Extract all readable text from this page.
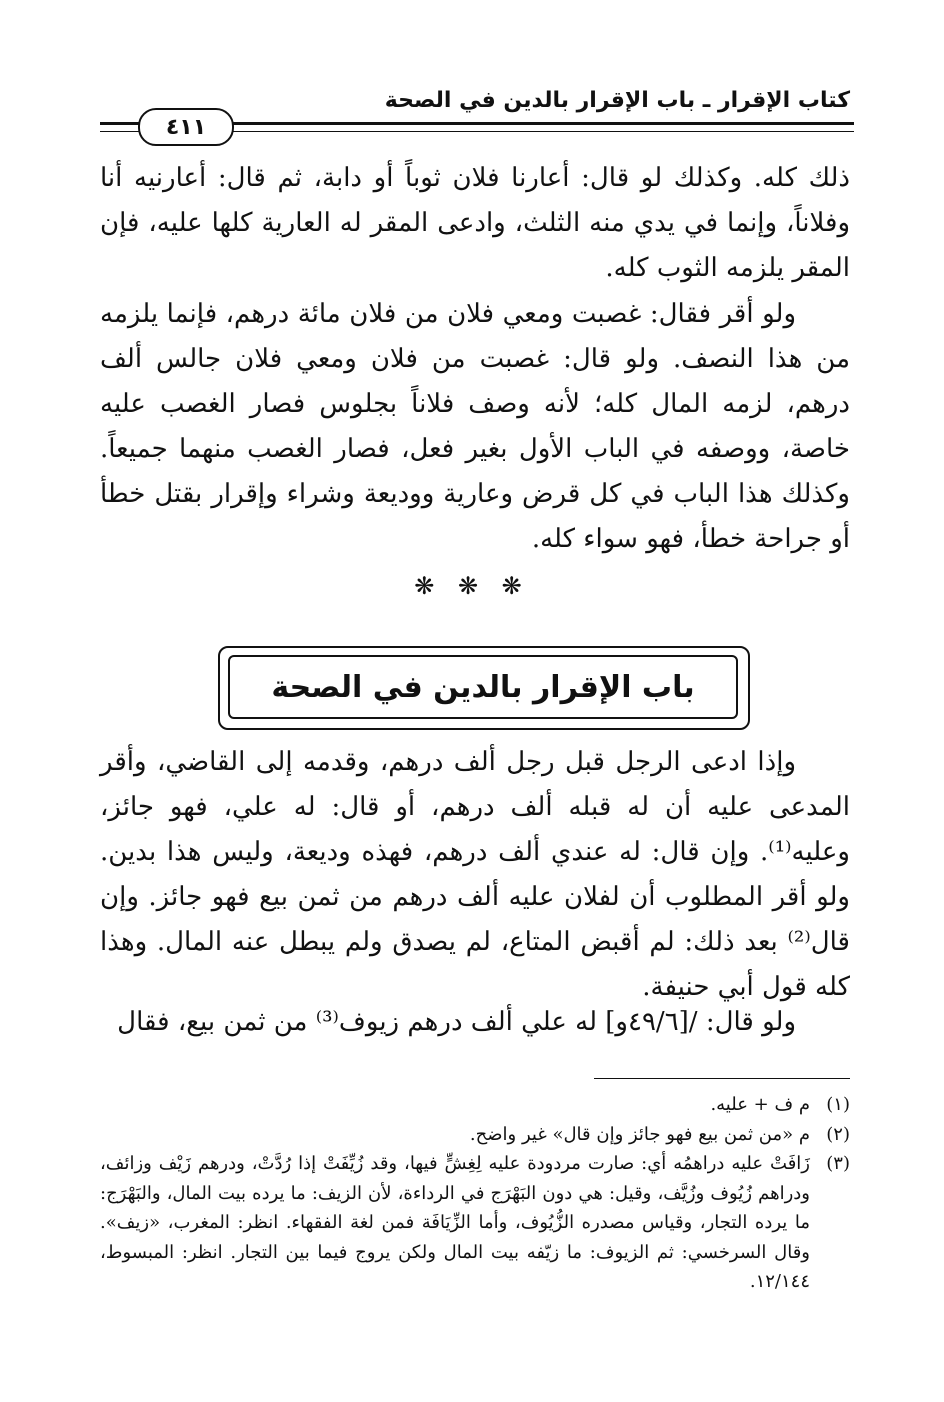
كتاب الإقرار ـ باب الإقرار بالدين في الصحة
٤١١
ذلك كله. وكذلك لو قال: أعارنا فلان ثوباً أو دابة، ثم قال: أعارنيه أنا وفلاناً، وإنما في يدي منه الثلث، وادعى المقر له العارية كلها عليه، فإن المقر يلزمه الثوب كله.
ولو أقر فقال: غصبت ومعي فلان من فلان مائة درهم، فإنما يلزمه من هذا النصف. ولو قال: غصبت من فلان ومعي فلان جالس ألف درهم، لزمه المال كله؛ لأنه وصف فلاناً بجلوس فصار الغصب عليه خاصة، ووصفه في الباب الأول بغير فعل، فصار الغصب منهما جميعاً. وكذلك هذا الباب في كل قرض وعارية ووديعة وشراء وإقرار بقتل خطأ أو جراحة خطأ، فهو سواء كله.
❋ ❋ ❋
باب الإقرار بالدين في الصحة
وإذا ادعى الرجل قبل رجل ألف درهم، وقدمه إلى القاضي، وأقر المدعى عليه أن له قبله ألف درهم، أو قال: له علي، فهو جائز، وعليه⁽¹⁾. وإن قال: له عندي ألف درهم، فهذه وديعة، وليس هذا بدين. ولو أقر المطلوب أن لفلان عليه ألف درهم من ثمن بيع فهو جائز. وإن قال⁽²⁾ بعد ذلك: لم أقبض المتاع، لم يصدق ولم يبطل عنه المال. وهذا كله قول أبي حنيفة.
ولو قال: /[٤٩/٦و] له علي ألف درهم زيوف⁽³⁾ من ثمن بيع، فقال
(١)
م ف + عليه.
(٢)
م «من ثمن بيع فهو جائز وإن قال» غير واضح.
(٣)
زَافَتْ عليه دراهمُه أي: صارت مردودة عليه لِغِشٍّ فيها، وقد زُيِّفَتْ إذا رُدَّتْ، ودرهم زَيْف وزائف، ودراهم زُيُوف وزُيَّف، وقيل: هي دون البَهْرَج في الرداءة، لأن الزيف: ما يرده بيت المال، والبَهْرَج: ما يرده التجار، وقياس مصدره الزُّيُوف، وأما الزِّيَافَة فمن لغة الفقهاء. انظر: المغرب، «زيف». وقال السرخسي: ثم الزيوف: ما زيّفه بيت المال ولكن يروج فيما بين التجار. انظر: المبسوط، ١٢/١٤٤.
